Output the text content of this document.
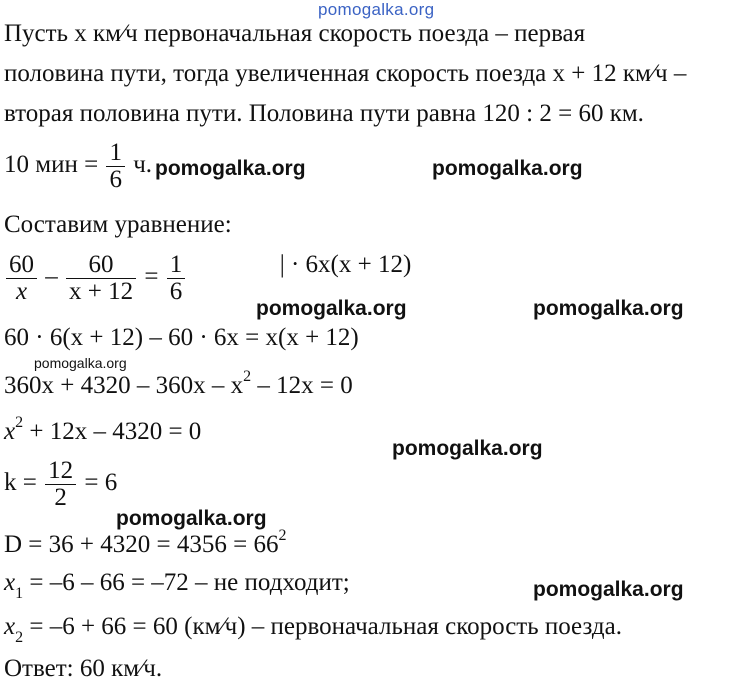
pomogalka.org
Пусть x км⁄ч первоначальная скорость поезда – первая
половина пути, тогда увеличенная скорость поезда x + 12 км⁄ч –
вторая половина пути. Половина пути равна 120 : 2 = 60 км.
10 мин = $\frac{1}{6} ч$.
Составим уравнение:
$\frac{60}{x} - \frac{60}{x + 12} = \frac{1}{6}$	| · 6x(x + 12)
60 · 6(x + 12) – 60 · 6x = x(x + 12)
$360x + 4320 - 360x - x^2 - 12x = 0$
$x^2 + 12x - 4320 = 0$
$k = \frac{12}{2} = 6$
$D = 36 + 4320 = 4356 = 66^2$
$x_1 = -6 - 66 = -72$ – не подходит;
$x_2 = -6 + 66 = 60$ (км⁄ч) – первоначальная скорость поезда.
Ответ: 60 км⁄ч.
pomogalka.org	pomogalka.org
pomogalka.org	pomogalka.org
pomogalka.org
pomogalka.org
pomogalka.org
pomogalka.org
